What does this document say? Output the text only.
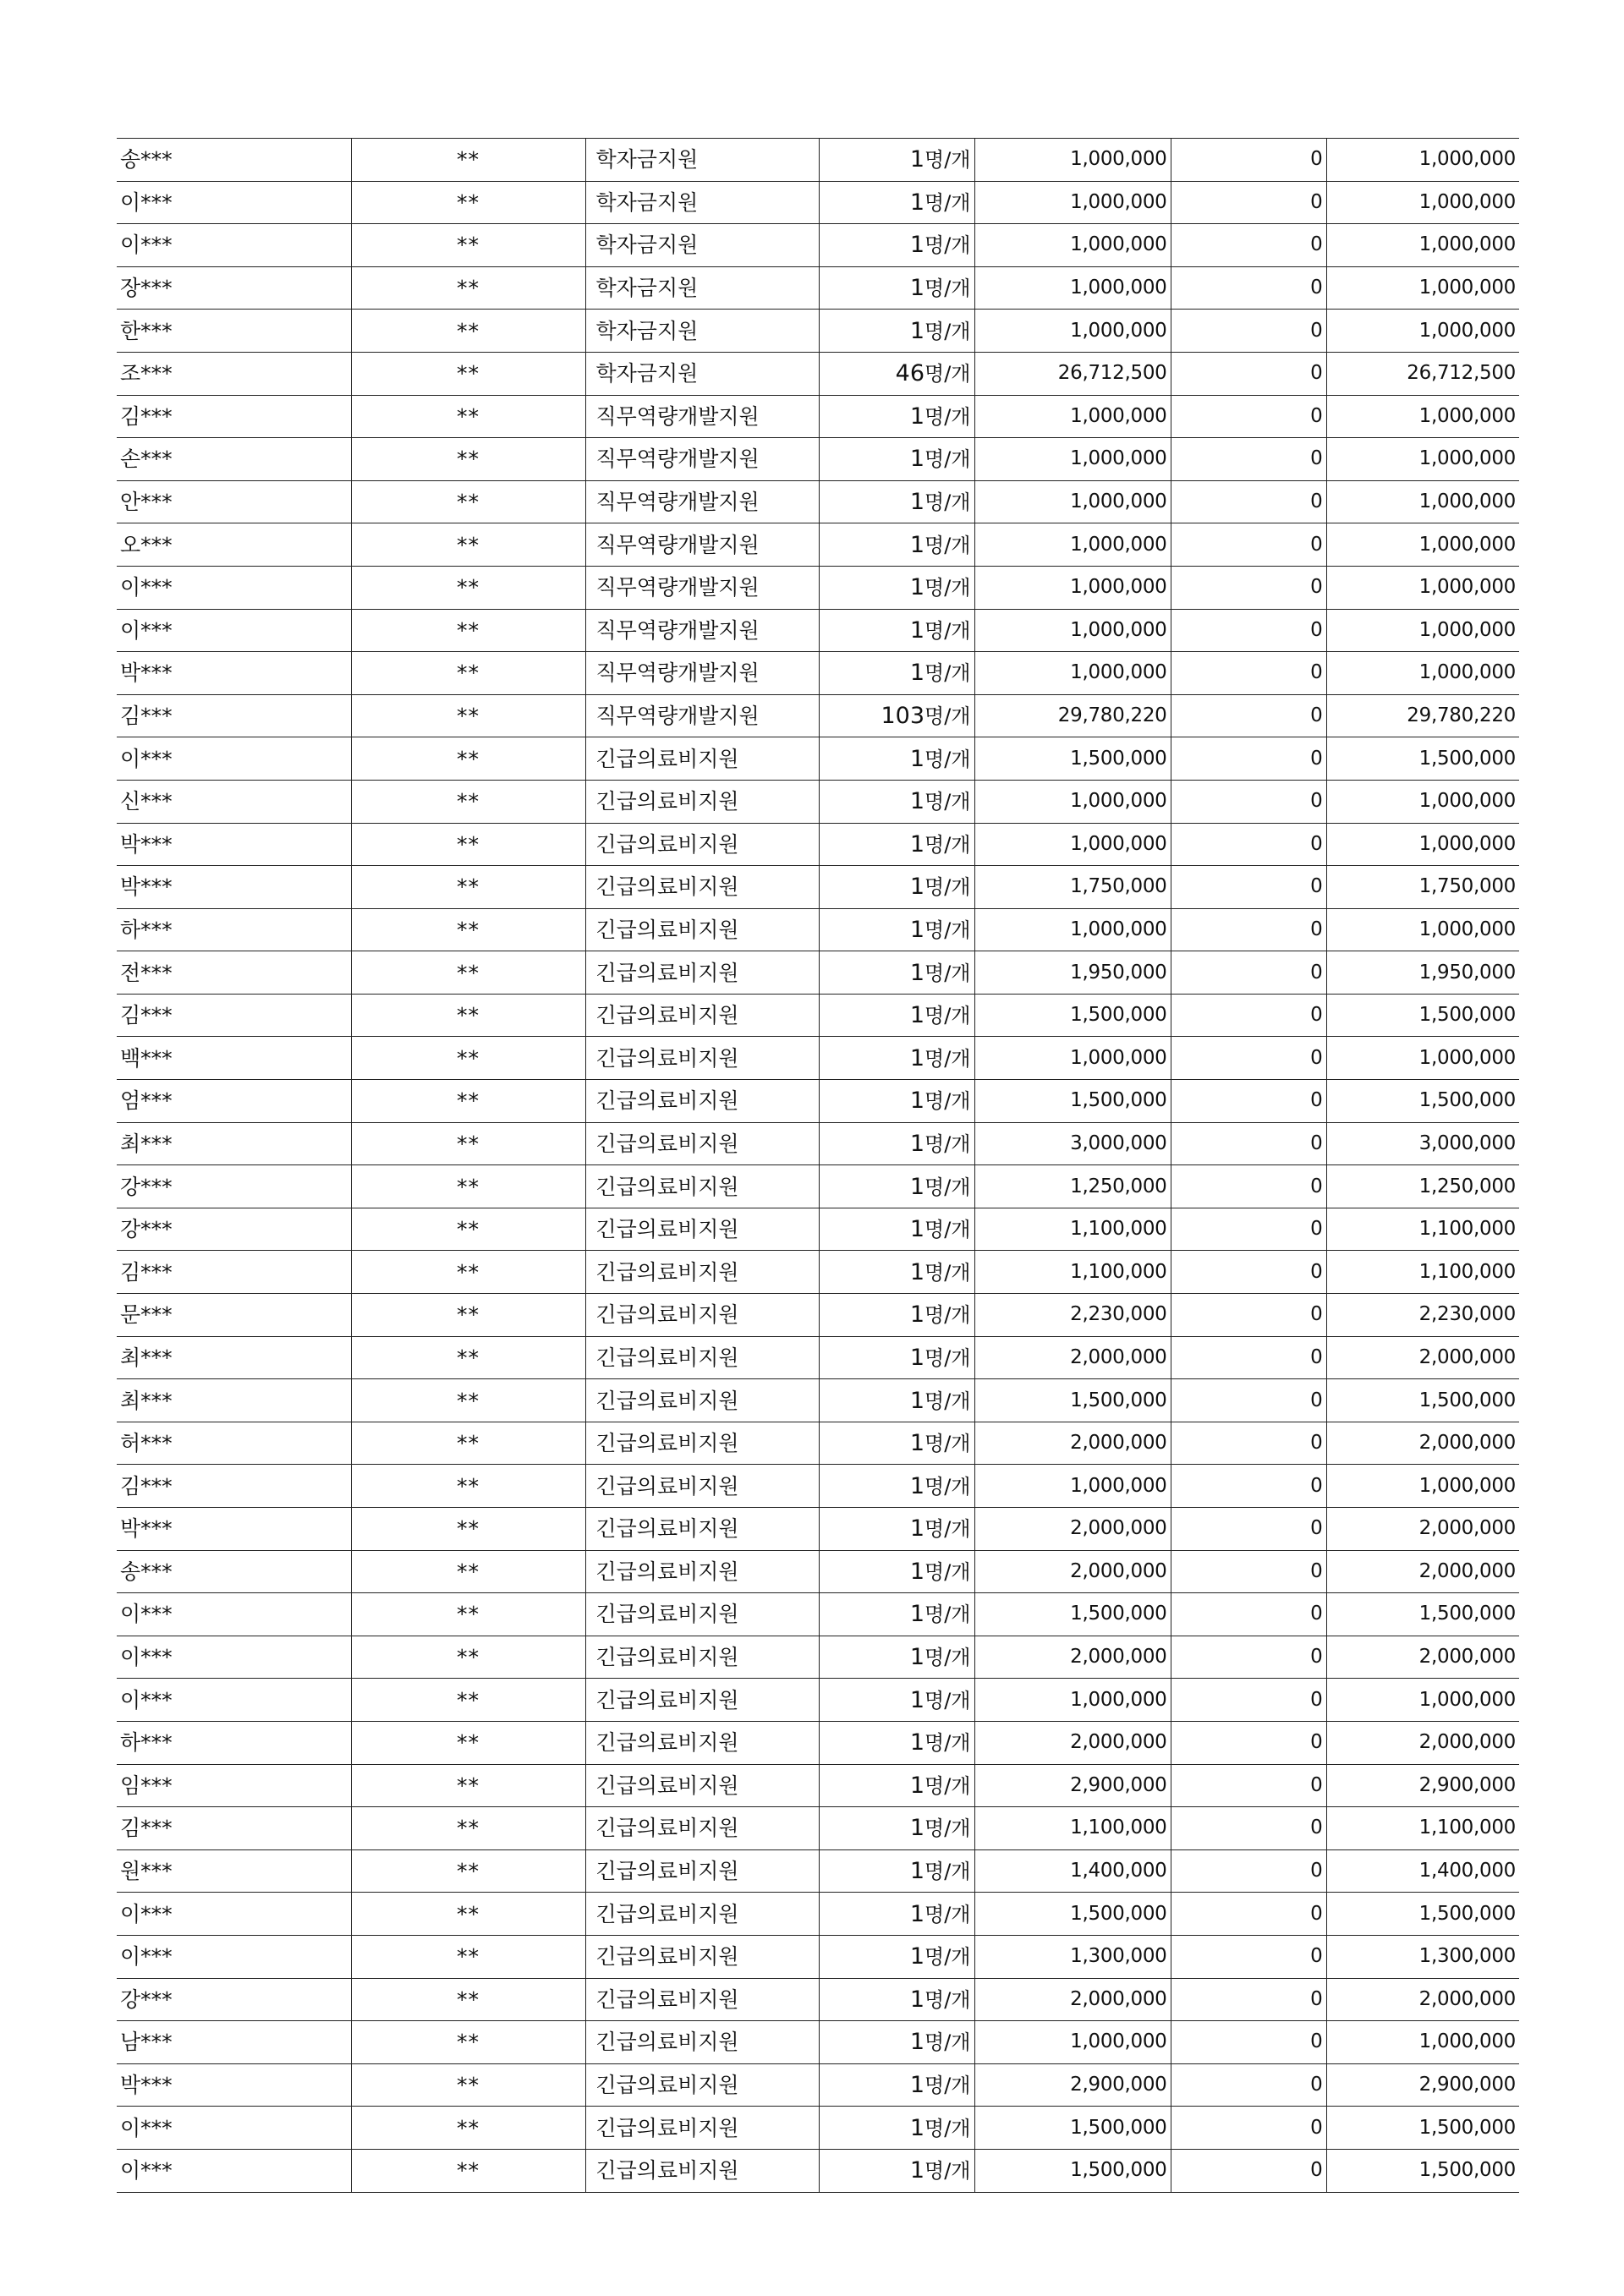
송***	**	학자금지원	1명/개	1,000,000	0	1,000,000
이***	**	학자금지원	1명/개	1,000,000	0	1,000,000
이***	**	학자금지원	1명/개	1,000,000	0	1,000,000
장***	**	학자금지원	1명/개	1,000,000	0	1,000,000
한***	**	학자금지원	1명/개	1,000,000	0	1,000,000
조***	**	학자금지원	46명/개	26,712,500	0	26,712,500
김***	**	직무역량개발지원	1명/개	1,000,000	0	1,000,000
손***	**	직무역량개발지원	1명/개	1,000,000	0	1,000,000
안***	**	직무역량개발지원	1명/개	1,000,000	0	1,000,000
오***	**	직무역량개발지원	1명/개	1,000,000	0	1,000,000
이***	**	직무역량개발지원	1명/개	1,000,000	0	1,000,000
이***	**	직무역량개발지원	1명/개	1,000,000	0	1,000,000
박***	**	직무역량개발지원	1명/개	1,000,000	0	1,000,000
김***	**	직무역량개발지원	103명/개	29,780,220	0	29,780,220
이***	**	긴급의료비지원	1명/개	1,500,000	0	1,500,000
신***	**	긴급의료비지원	1명/개	1,000,000	0	1,000,000
박***	**	긴급의료비지원	1명/개	1,000,000	0	1,000,000
박***	**	긴급의료비지원	1명/개	1,750,000	0	1,750,000
하***	**	긴급의료비지원	1명/개	1,000,000	0	1,000,000
전***	**	긴급의료비지원	1명/개	1,950,000	0	1,950,000
김***	**	긴급의료비지원	1명/개	1,500,000	0	1,500,000
백***	**	긴급의료비지원	1명/개	1,000,000	0	1,000,000
엄***	**	긴급의료비지원	1명/개	1,500,000	0	1,500,000
최***	**	긴급의료비지원	1명/개	3,000,000	0	3,000,000
강***	**	긴급의료비지원	1명/개	1,250,000	0	1,250,000
강***	**	긴급의료비지원	1명/개	1,100,000	0	1,100,000
김***	**	긴급의료비지원	1명/개	1,100,000	0	1,100,000
문***	**	긴급의료비지원	1명/개	2,230,000	0	2,230,000
최***	**	긴급의료비지원	1명/개	2,000,000	0	2,000,000
최***	**	긴급의료비지원	1명/개	1,500,000	0	1,500,000
허***	**	긴급의료비지원	1명/개	2,000,000	0	2,000,000
김***	**	긴급의료비지원	1명/개	1,000,000	0	1,000,000
박***	**	긴급의료비지원	1명/개	2,000,000	0	2,000,000
송***	**	긴급의료비지원	1명/개	2,000,000	0	2,000,000
이***	**	긴급의료비지원	1명/개	1,500,000	0	1,500,000
이***	**	긴급의료비지원	1명/개	2,000,000	0	2,000,000
이***	**	긴급의료비지원	1명/개	1,000,000	0	1,000,000
하***	**	긴급의료비지원	1명/개	2,000,000	0	2,000,000
임***	**	긴급의료비지원	1명/개	2,900,000	0	2,900,000
김***	**	긴급의료비지원	1명/개	1,100,000	0	1,100,000
원***	**	긴급의료비지원	1명/개	1,400,000	0	1,400,000
이***	**	긴급의료비지원	1명/개	1,500,000	0	1,500,000
이***	**	긴급의료비지원	1명/개	1,300,000	0	1,300,000
강***	**	긴급의료비지원	1명/개	2,000,000	0	2,000,000
남***	**	긴급의료비지원	1명/개	1,000,000	0	1,000,000
박***	**	긴급의료비지원	1명/개	2,900,000	0	2,900,000
이***	**	긴급의료비지원	1명/개	1,500,000	0	1,500,000
이***	**	긴급의료비지원	1명/개	1,500,000	0	1,500,000
